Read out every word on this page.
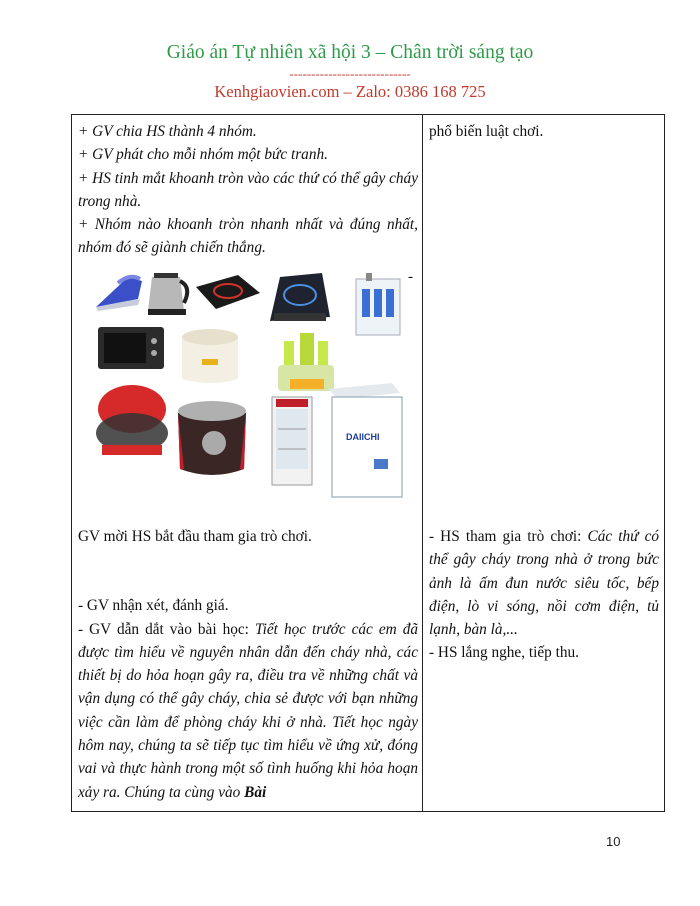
Giáo án Tự nhiên xã hội 3 – Chân trời sáng tạo
----------------------------
Kenhgiaovien.com – Zalo: 0386 168 725

+ GV chia HS thành 4 nhóm.

+ GV phát cho mỗi nhóm một bức tranh.

+ HS tinh mắt khoanh tròn vào các thứ có thể gây cháy trong nhà.

+ Nhóm nào khoanh tròn nhanh nhất và đúng nhất, nhóm đó sẽ giành chiến thắng.

-
DAIICHI

GV mời HS bắt đầu tham gia trò chơi.

- GV nhận xét, đánh giá.

- GV dẫn dắt vào bài học: Tiết học trước các em đã được tìm hiểu về nguyên nhân dẫn đến cháy nhà, các thiết bị do hỏa hoạn gây ra, điều tra về những chất và vận dụng có thể gây cháy, chia sẻ được với bạn những việc cần làm để phòng cháy khi ở nhà. Tiết học ngày hôm nay, chúng ta sẽ tiếp tục tìm hiểu về ứng xử, đóng vai và thực hành trong một số tình huống khi hỏa hoạn xảy ra. Chúng ta cùng vào Bài

phổ biến luật chơi.

- HS tham gia trò chơi: Các thứ có thể gây cháy trong nhà ở trong bức ảnh là ấm đun nước siêu tốc, bếp điện, lò vi sóng, nồi cơm điện, tủ lạnh, bàn là,...

- HS lắng nghe, tiếp thu.

10
